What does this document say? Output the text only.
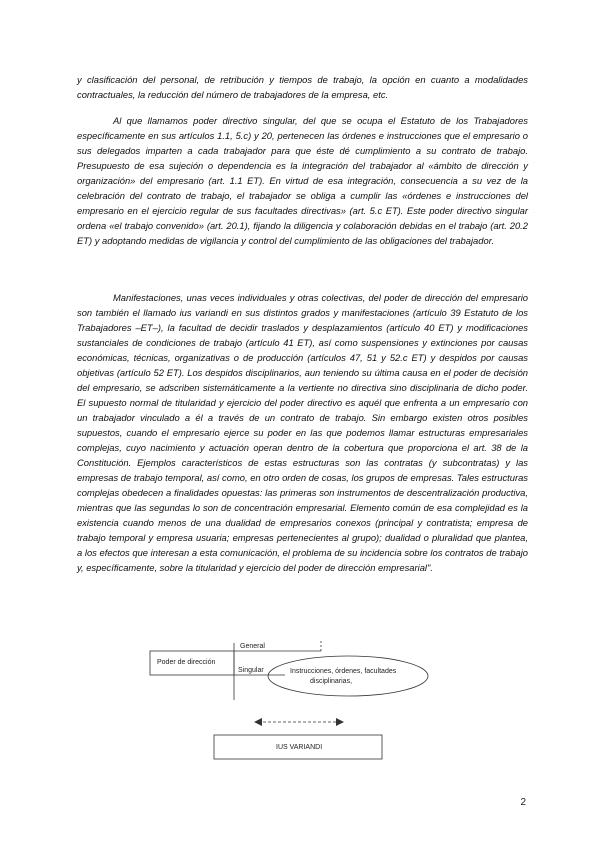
y clasificación del personal, de retribución y tiempos de trabajo, la opción en cuanto a modalidades contractuales, la reducción del número de trabajadores de la empresa, etc.

Al que llamamos poder directivo singular, del que se ocupa el Estatuto de los Trabajadores específicamente en sus artículos 1.1, 5.c) y 20, pertenecen las órdenes e instrucciones que el empresario o sus delegados imparten a cada trabajador para que éste dé cumplimiento a su contrato de trabajo. Presupuesto de esa sujeción o dependencia es la integración del trabajador al «ámbito de dirección y organización» del empresario (art. 1.1 ET). En virtud de esa integración, consecuencia a su vez de la celebración del contrato de trabajo, el trabajador se obliga a cumplir las «órdenes e instrucciones del empresario en el ejercicio regular de sus facultades directivas» (art. 5.c ET). Este poder directivo singular ordena «el trabajo convenido» (art. 20.1), fijando la diligencia y colaboración debidas en el trabajo (art. 20.2 ET) y adoptando medidas de vigilancia y control del cumplimiento de las obligaciones del trabajador.

Manifestaciones, unas veces individuales y otras colectivas, del poder de dirección del empresario son también el llamado ius variandi en sus distintos grados y manifestaciones (artículo 39 Estatuto de los Trabajadores –ET–), la facultad de decidir traslados y desplazamientos (artículo 40 ET) y modificaciones sustanciales de condiciones de trabajo (artículo 41 ET), así como suspensiones y extinciones por causas económicas, técnicas, organizativas o de producción (artículos 47, 51 y 52.c ET) y despidos por causas objetivas (artículo 52 ET). Los despidos disciplinarios, aun teniendo su última causa en el poder de decisión del empresario, se adscriben sistemáticamente a la vertiente no directiva sino disciplinaria de dicho poder. El supuesto normal de titularidad y ejercicio del poder directivo es aquél que enfrenta a un empresario con un trabajador vinculado a él a través de un contrato de trabajo. Sin embargo existen otros posibles supuestos, cuando el empresario ejerce su poder en las que podemos llamar estructuras empresariales complejas, cuyo nacimiento y actuación operan dentro de la cobertura que proporciona el art. 38 de la Constitución. Ejemplos característicos de estas estructuras son las contratas (y subcontratas) y las empresas de trabajo temporal, así como, en otro orden de cosas, los grupos de empresas. Tales estructuras complejas obedecen a finalidades opuestas: las primeras son instrumentos de descentralización productiva, mientras que las segundas lo son de concentración empresarial. Elemento común de esa complejidad es la existencia cuando menos de una dualidad de empresarios conexos (principal y contratista; empresa de trabajo temporal y empresa usuaria; empresas pertenecientes al grupo); dualidad o pluralidad que plantea, a los efectos que interesan a esta comunicación, el problema de su incidencia sobre los contratos de trabajo y, específicamente, sobre la titularidad y ejercicio del poder de dirección empresarial".

Poder de dirección
General
Singular	Instrucciones, órdenes, facultades
disciplinarias,
IUS VARIANDI
2
